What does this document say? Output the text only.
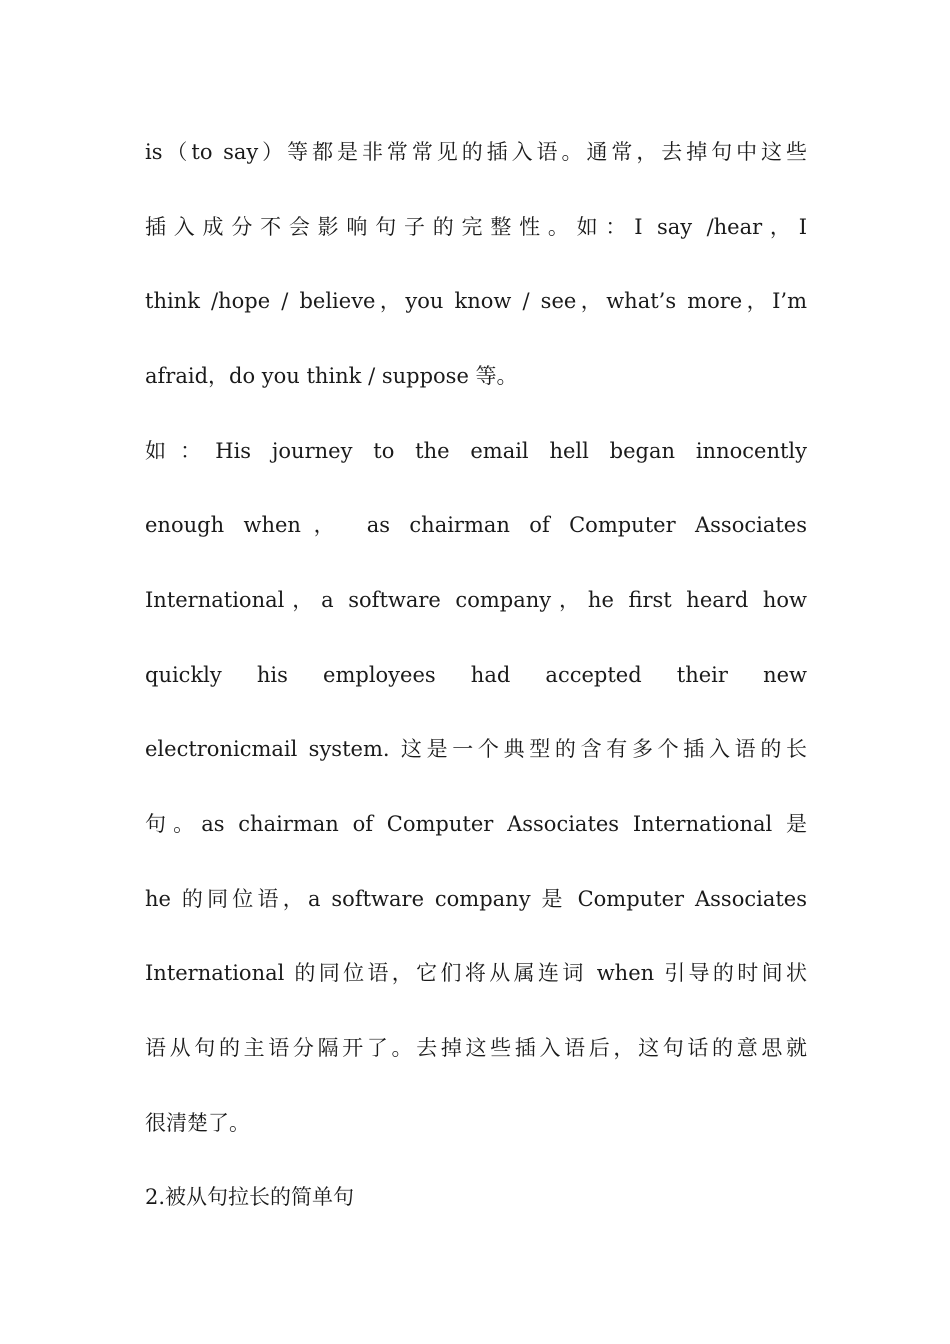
is（to say）等都是非常常见的插入语。通常，去掉句中这些
插入成分不会影响句子的完整性。如：I say /hear，I
think /hope / believe，you know / see，what’s more，I’m
afraid，do you think / suppose 等。
如：His journey to the email hell began innocently
enough when， as chairman of Computer Associates
International，a software company，he first heard how
quickly his employees had accepted their new
electronicmail system. 这是一个典型的含有多个插入语的长
句。as chairman of Computer Associates International 是
he 的同位语，a software company 是 Computer Associates
International 的同位语，它们将从属连词 when 引导的时间状
语从句的主语分隔开了。去掉这些插入语后，这句话的意思就
很清楚了。
2.被从句拉长的简单句
